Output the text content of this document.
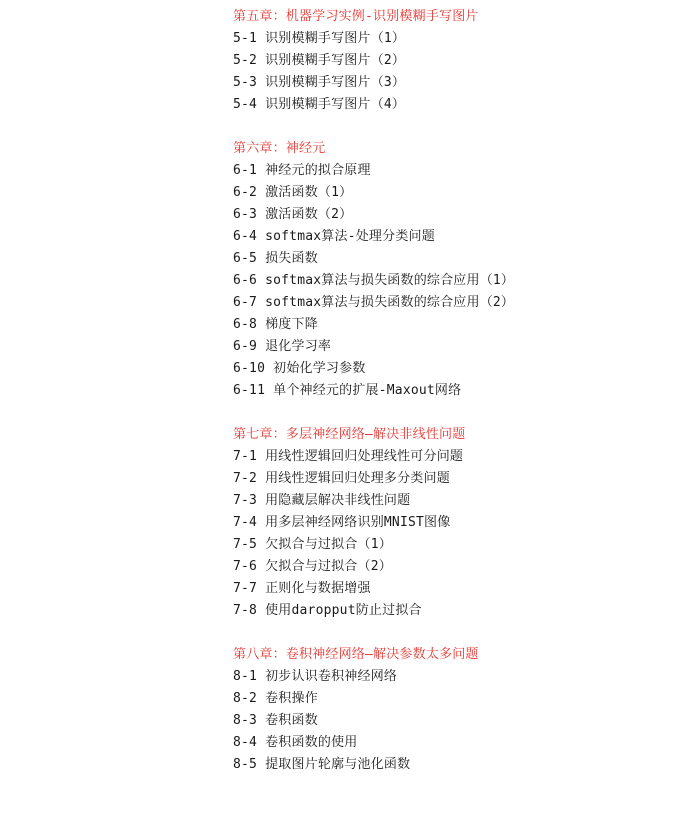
第五章：机器学习实例-识别模糊手写图片
5-1 识别模糊手写图片（1）
5-2 识别模糊手写图片（2）
5-3 识别模糊手写图片（3）
5-4 识别模糊手写图片（4）
第六章：神经元
6-1 神经元的拟合原理
6-2 激活函数（1）
6-3 激活函数（2）
6-4 softmax算法-处理分类问题
6-5 损失函数
6-6 softmax算法与损失函数的综合应用（1）
6-7 softmax算法与损失函数的综合应用（2）
6-8 梯度下降
6-9 退化学习率
6-10 初始化学习参数
6-11 单个神经元的扩展-Maxout网络
第七章：多层神经网络—解决非线性问题
7-1 用线性逻辑回归处理线性可分问题
7-2 用线性逻辑回归处理多分类问题
7-3 用隐藏层解决非线性问题
7-4 用多层神经网络识别MNIST图像
7-5 欠拟合与过拟合（1）
7-6 欠拟合与过拟合（2）
7-7 正则化与数据增强
7-8 使用daropput防止过拟合
第八章：卷积神经网络—解决参数太多问题
8-1 初步认识卷积神经网络
8-2 卷积操作
8-3 卷积函数
8-4 卷积函数的使用
8-5 提取图片轮廓与池化函数
